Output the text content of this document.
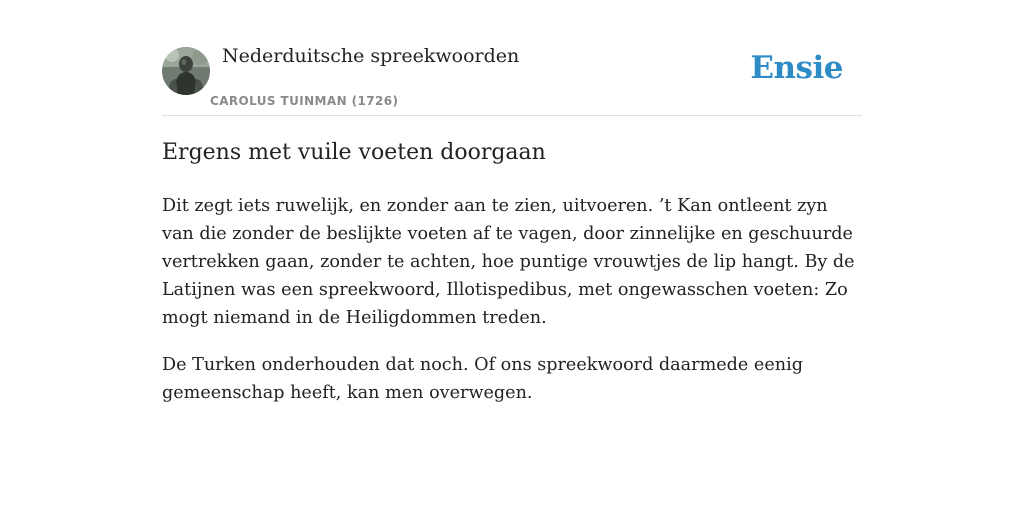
Nederduitsche spreekwoorden
CAROLUS TUINMAN (1726)
Ensie
Ergens met vuile voeten doorgaan

Dit zegt iets ruwelijk, en zonder aan te zien, uitvoeren. ’t Kan ontleent zyn van die zonder de beslijkte voeten af te vagen, door zinnelijke en geschuurde vertrekken gaan, zonder te achten, hoe puntige vrouwtjes de lip hangt. By de Latijnen was een spreekwoord, Illotispedibus, met ongewasschen voeten: Zo mogt niemand in de Heiligdommen treden.

De Turken onderhouden dat noch. Of ons spreekwoord daarmede eenig gemeenschap heeft, kan men overwegen.
